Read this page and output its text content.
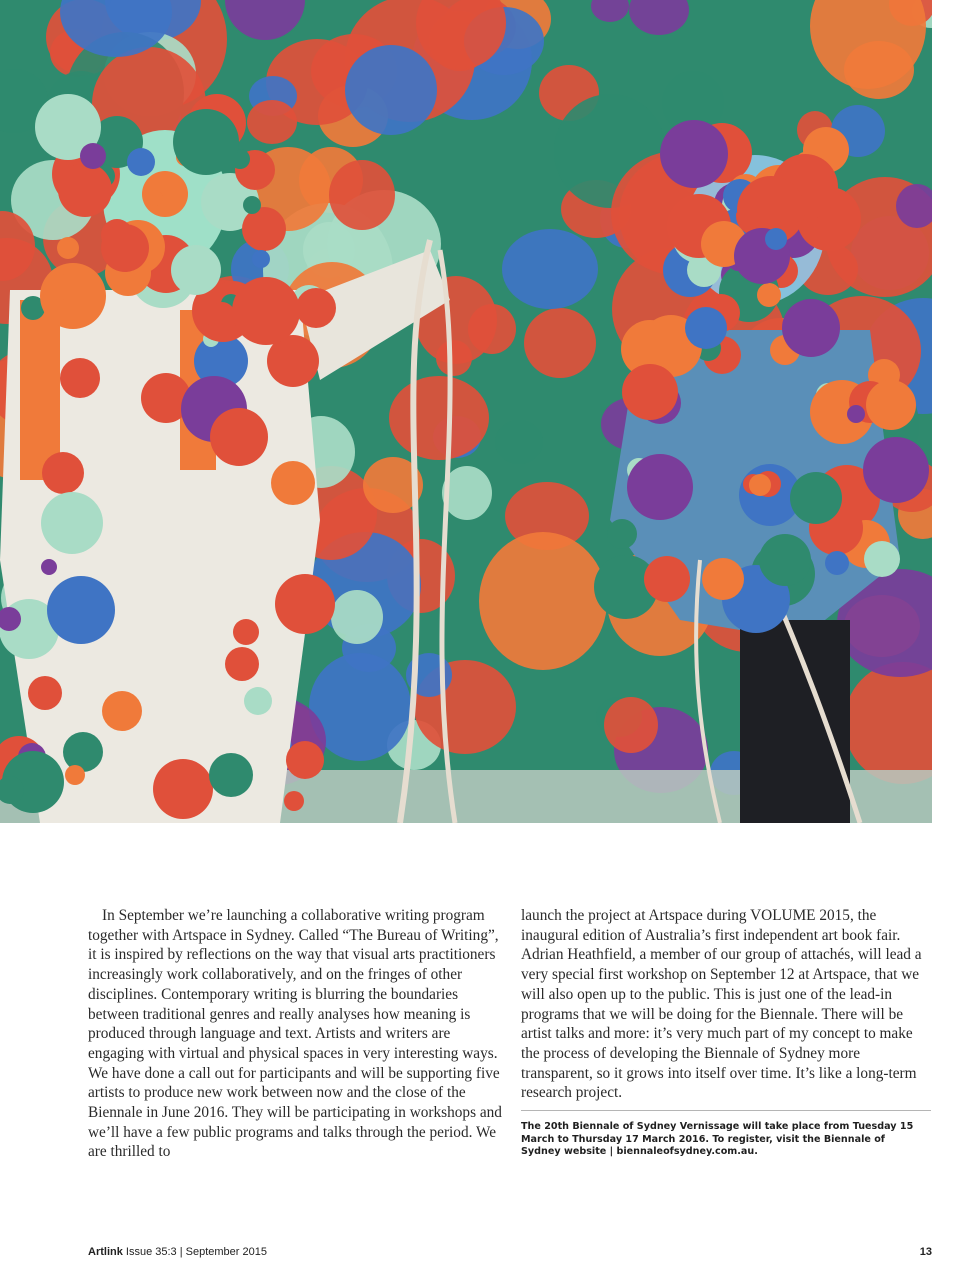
In September we’re launching a collaborative writing program together with Artspace in Sydney. Called “The Bureau of Writing”, it is inspired by reflections on the way that visual arts practitioners increasingly work collaboratively, and on the fringes of other disciplines. Contemporary writing is blurring the boundaries between traditional genres and really analyses how meaning is produced through language and text. Artists and writers are engaging with virtual and physical spaces in very interesting ways. We have done a call out for participants and will be supporting five artists to produce new work between now and the close of the Biennale in June 2016. They will be participating in workshops and we’ll have a few public programs and talks through the period. We are thrilled to

launch the project at Artspace during VOLUME 2015, the inaugural edition of Australia’s first independent art book fair. Adrian Heathfield, a member of our group of attachés, will lead a very special first workshop on September 12 at Artspace, that we will also open up to the public. This is just one of the lead-in programs that we will be doing for the Biennale. There will be artist talks and more: it’s very much part of my concept to make the process of developing the Biennale of Sydney more transparent, so it grows into itself over time. It’s like a long-term research project.

The 20th Biennale of Sydney Vernissage will take place from Tuesday 15 March to Thursday 17 March 2016. To register, visit the Biennale of Sydney website | biennaleofsydney.com.au.

Artlink Issue 35:3 | September 2015	13
